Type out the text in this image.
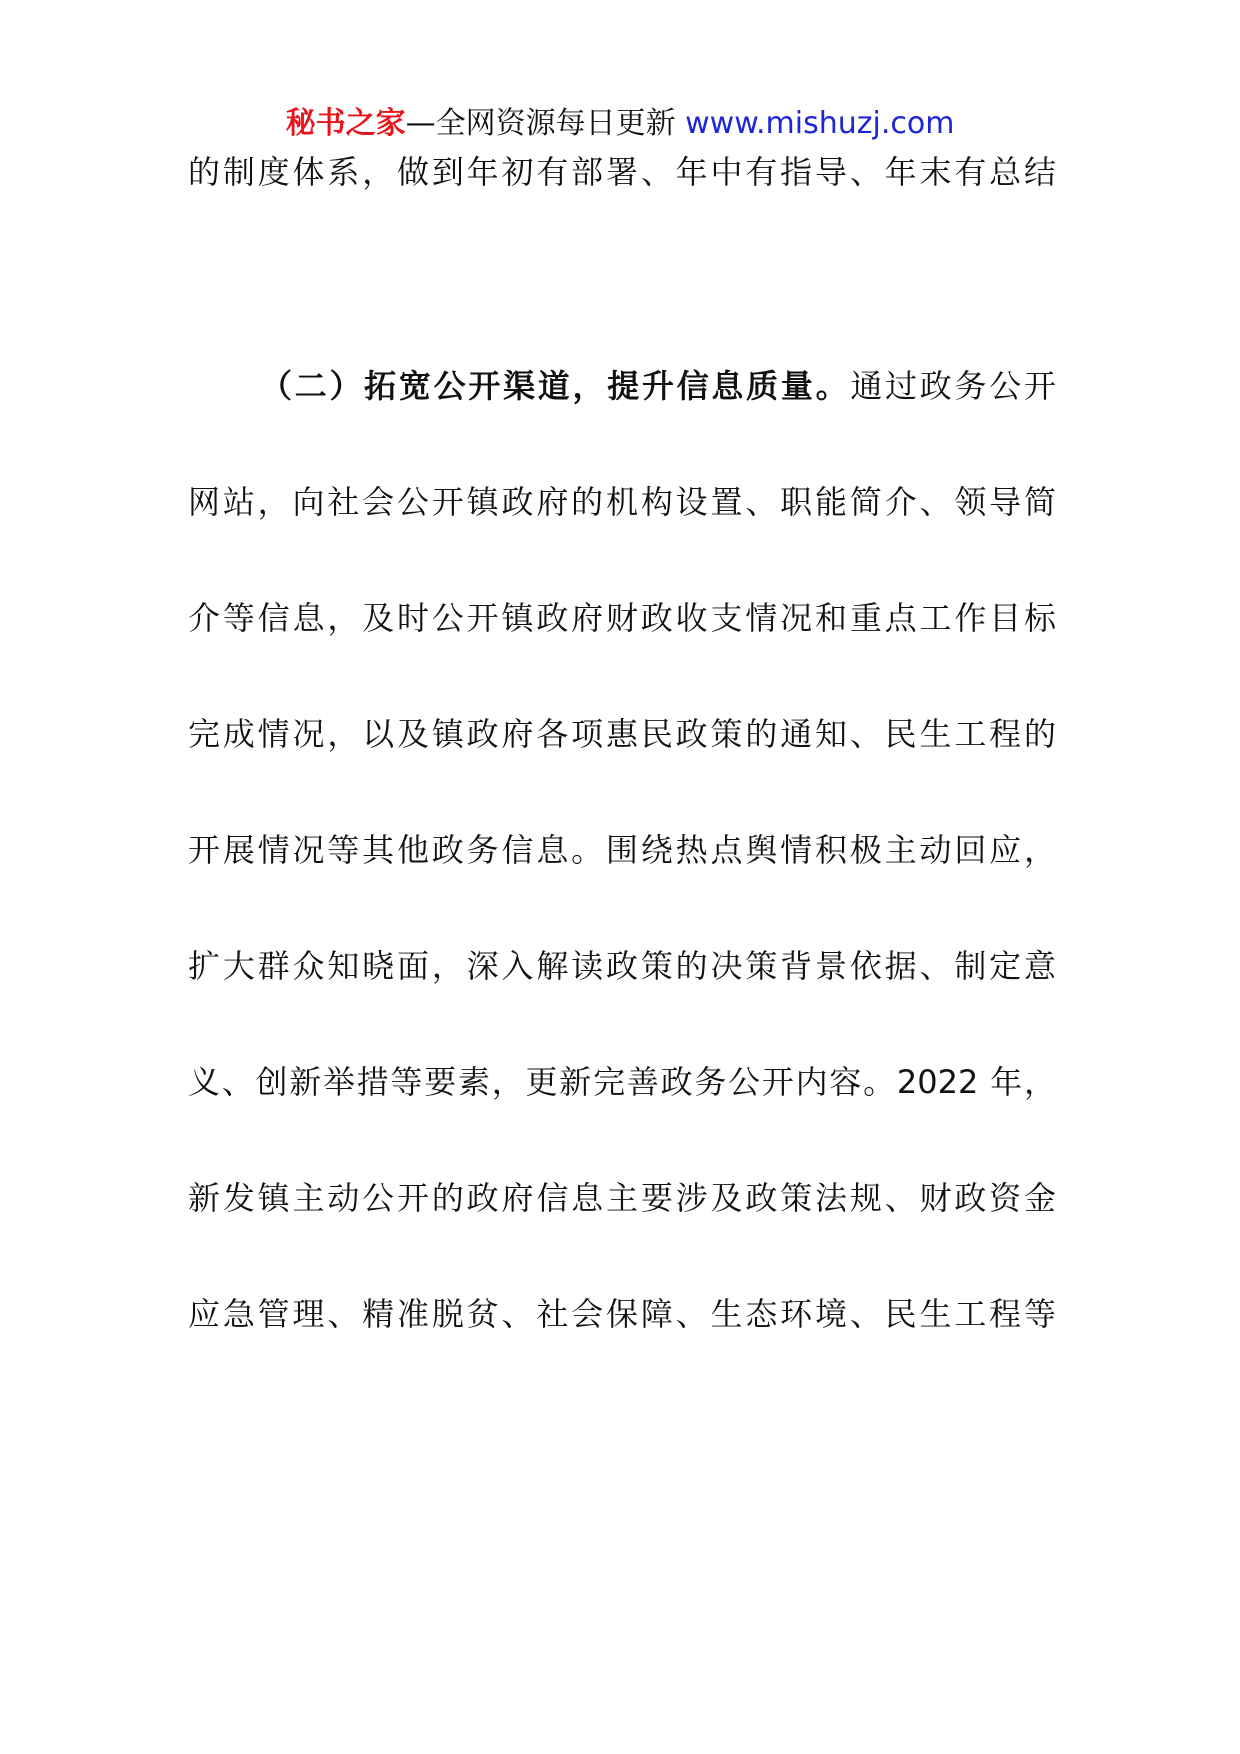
秘书之家—全网资源每日更新 www.mishuzj.com
的制度体系，做到年初有部署、年中有指导、年末有总结
（二）拓宽公开渠道，提升信息质量。通过政务公开
网站，向社会公开镇政府的机构设置、职能简介、领导简
介等信息，及时公开镇政府财政收支情况和重点工作目标
完成情况，以及镇政府各项惠民政策的通知、民生工程的
开展情况等其他政务信息。围绕热点舆情积极主动回应，
扩大群众知晓面，深入解读政策的决策背景依据、制定意
义、创新举措等要素，更新完善政务公开内容。2022 年，
新发镇主动公开的政府信息主要涉及政策法规、财政资金
应急管理、精准脱贫、社会保障、生态环境、民生工程等
